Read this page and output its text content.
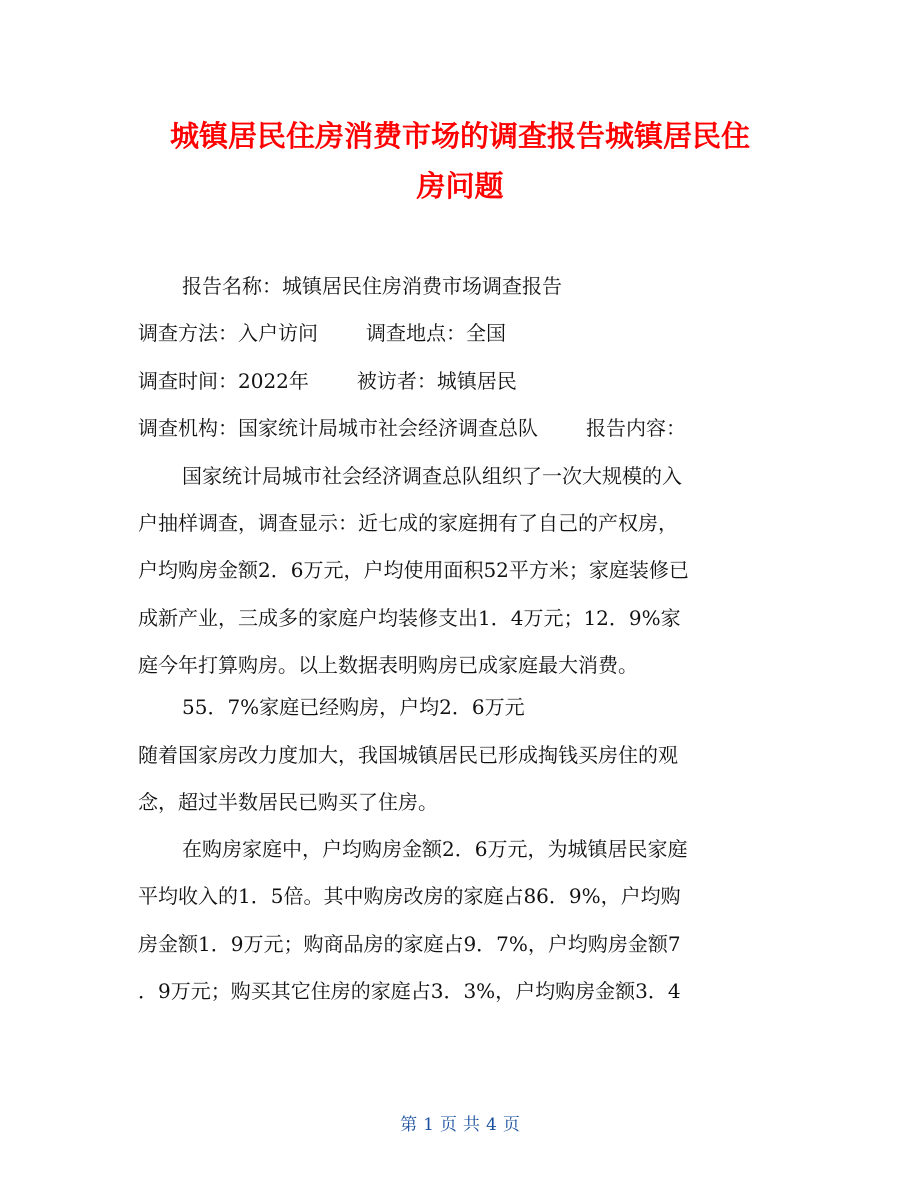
城镇居民住房消费市场的调查报告城镇居民住
房问题
报告名称：城镇居民住房消费市场调查报告
调查方法：入户访问 调查地点：全国
调查时间：2022年 被访者：城镇居民
调查机构：国家统计局城市社会经济调查总队 报告内容：
国家统计局城市社会经济调查总队组织了一次大规模的入
户抽样调查，调查显示：近七成的家庭拥有了自己的产权房，
户均购房金额2．6万元，户均使用面积52平方米；家庭装修已
成新产业，三成多的家庭户均装修支出1．4万元；12．9%家
庭今年打算购房。以上数据表明购房已成家庭最大消费。
55．7%家庭已经购房，户均2．6万元
随着国家房改力度加大，我国城镇居民已形成掏钱买房住的观
念，超过半数居民已购买了住房。
在购房家庭中，户均购房金额2．6万元，为城镇居民家庭
平均收入的1．5倍。其中购房改房的家庭占86．9%，户均购
房金额1．9万元；购商品房的家庭占9．7%，户均购房金额7
．9万元；购买其它住房的家庭占3．3%，户均购房金额3．4
第 1 页 共 4 页
